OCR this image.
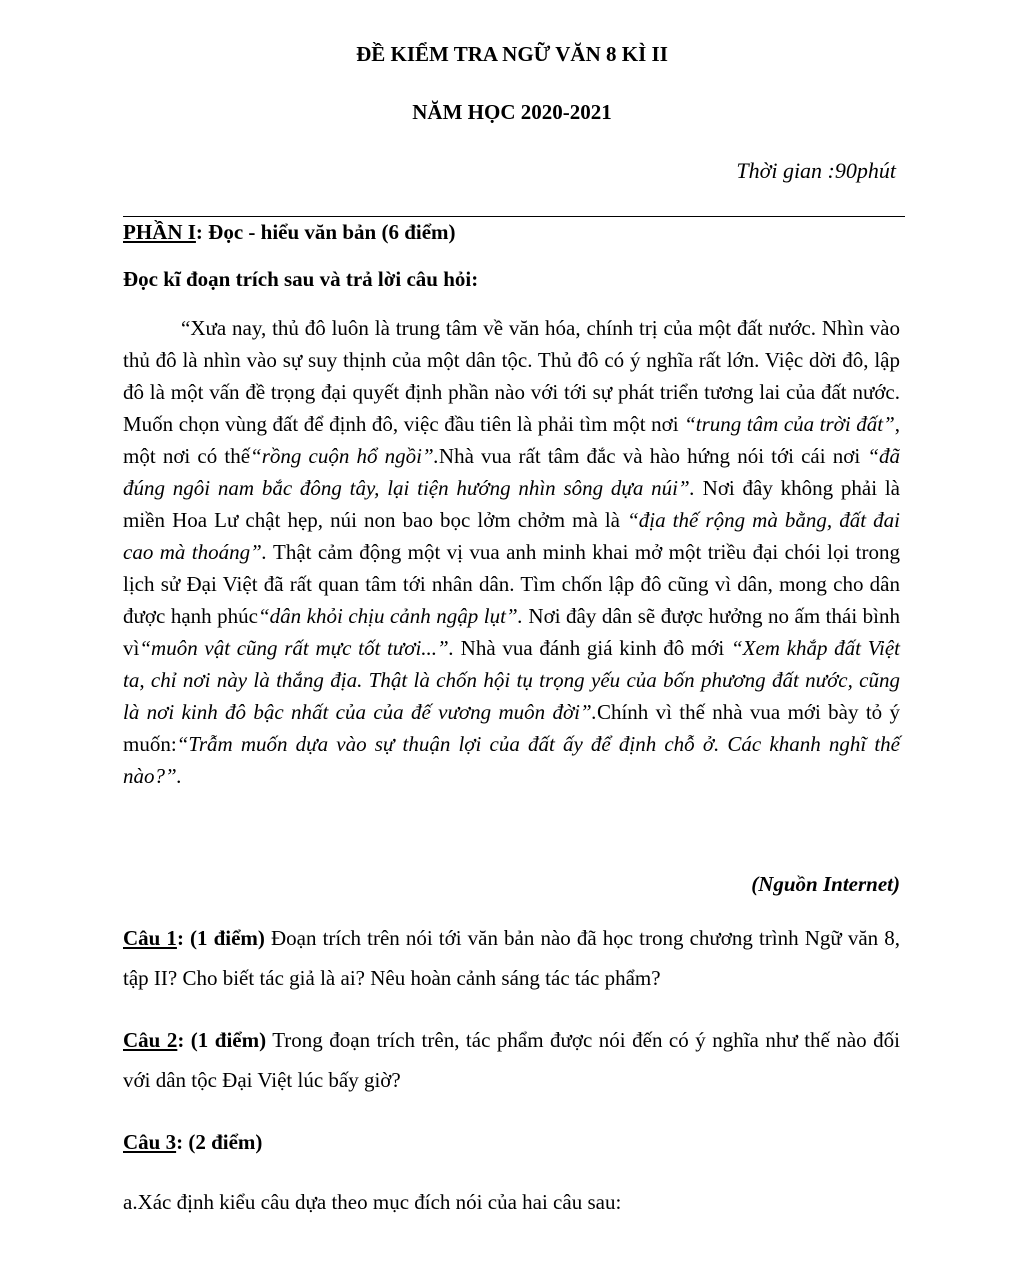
ĐỀ KIỂM TRA NGỮ VĂN 8 KÌ II
NĂM HỌC 2020-2021
Thời gian :90phút
PHẦN I: Đọc - hiểu văn bản (6 điểm)
Đọc kĩ đoạn trích sau và trả lời câu hỏi:

“Xưa nay, thủ đô luôn là trung tâm về văn hóa, chính trị của một đất nước. Nhìn vào thủ đô là nhìn vào sự suy thịnh của một dân tộc. Thủ đô có ý nghĩa rất lớn. Việc dời đô, lập đô là một vấn đề trọng đại quyết định phần nào với tới sự phát triển tương lai của đất nước. Muốn chọn vùng đất để định đô, việc đầu tiên là phải tìm một nơi “trung tâm của trời đất”, một nơi có thế“rồng cuộn hổ ngồi”.Nhà vua rất tâm đắc và hào hứng nói tới cái nơi “đã đúng ngôi nam bắc đông tây, lại tiện hướng nhìn sông dựa núi”. Nơi đây không phải là miền Hoa Lư chật hẹp, núi non bao bọc lởm chởm mà là “địa thế rộng mà bằng, đất đai cao mà thoáng”. Thật cảm động một vị vua anh minh khai mở một triều đại chói lọi trong lịch sử Đại Việt đã rất quan tâm tới nhân dân. Tìm chốn lập đô cũng vì dân, mong cho dân được hạnh phúc“dân khỏi chịu cảnh ngập lụt”. Nơi đây dân sẽ được hưởng no ấm thái bình vì“muôn vật cũng rất mực tốt tươi...”. Nhà vua đánh giá kinh đô mới “Xem khắp đất Việt ta, chỉ nơi này là thắng địa. Thật là chốn hội tụ trọng yếu của bốn phương đất nước, cũng là nơi kinh đô bậc nhất của của đế vương muôn đời”.Chính vì thế nhà vua mới bày tỏ ý muốn:“Trẫm muốn dựa vào sự thuận lợi của đất ấy để định chỗ ở. Các khanh nghĩ thế nào?”.

(Nguồn Internet)

Câu 1: (1 điểm) Đoạn trích trên nói tới văn bản nào đã học trong chương trình Ngữ văn 8, tập II? Cho biết tác giả là ai? Nêu hoàn cảnh sáng tác tác phẩm?

Câu 2: (1 điểm) Trong đoạn trích trên, tác phẩm được nói đến có ý nghĩa như thế nào đối với dân tộc Đại Việt lúc bấy giờ?

Câu 3: (2 điểm)

a.Xác định kiểu câu dựa theo mục đích nói của hai câu sau:
